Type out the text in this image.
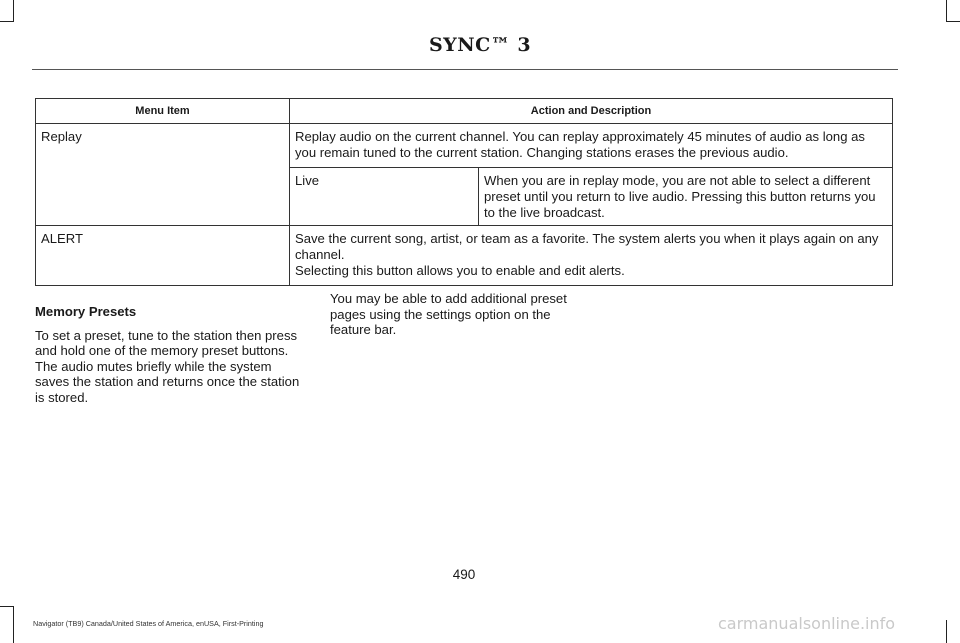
SYNC™ 3
Menu Item	Action and Description
Replay	Replay audio on the current channel. You can replay approximately 45 minutes of audio as long as you remain tuned to the current station. Changing stations erases the previous audio.
Live	When you are in replay mode, you are not able to select a different preset until you return to live audio. Pressing this button returns you to the live broadcast.

ALERT	Save the current song, artist, or team as a favorite. The system alerts you when it plays again on any channel.
Selecting this button allows you to enable and edit alerts.

Memory Presets

To set a preset, tune to the station then press and hold one of the memory preset buttons. The audio mutes briefly while the system saves the station and returns once the station is stored.

You may be able to add additional preset pages using the settings option on the feature bar.

490
Navigator (TB9) Canada/United States of America, enUSA, First-Printing	carmanualsonline.info
